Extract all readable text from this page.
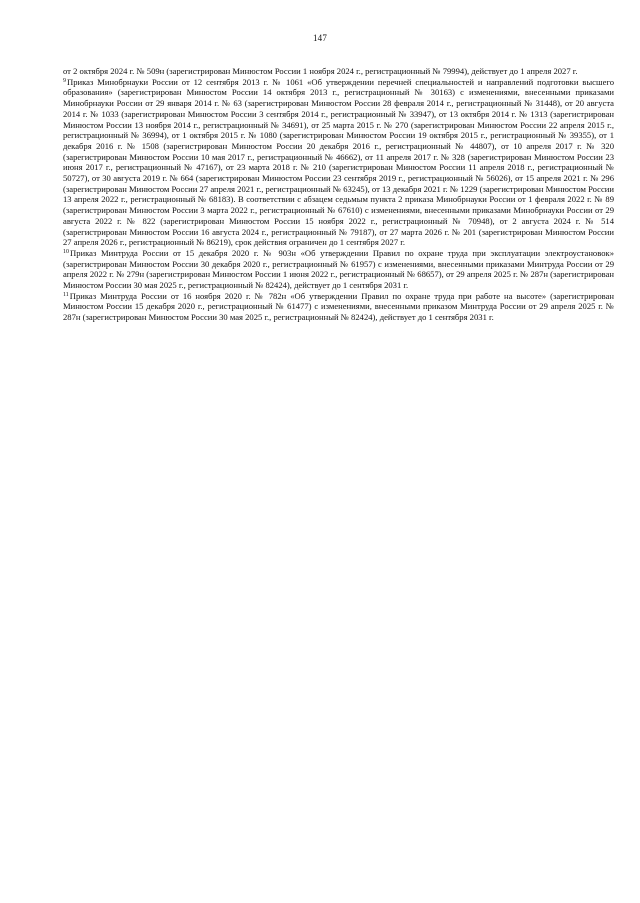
147

от 2 октября 2024 г. № 509н (зарегистрирован Минюстом России 1 ноября 2024 г., регистрационный № 79994), действует до 1 апреля 2027 г.

$^9$Приказ Минобрнауки России от 12 сентября 2013 г. № 1061 «Об утверждении перечней специальностей и направлений подготовки высшего образования» (зарегистрирован Минюстом России 14 октября 2013 г., регистрационный № 30163) с изменениями, внесенными приказами Минобрнауки России от 29 января 2014 г. № 63 (зарегистрирован Минюстом России 28 февраля 2014 г., регистрационный № 31448), от 20 августа 2014 г. № 1033 (зарегистрирован Минюстом России 3 сентября 2014 г., регистрационный № 33947), от 13 октября 2014 г. № 1313 (зарегистрирован Минюстом России 13 ноября 2014 г., регистрационный № 34691), от 25 марта 2015 г. № 270 (зарегистрирован Минюстом России 22 апреля 2015 г., регистрационный № 36994), от 1 октября 2015 г. № 1080 (зарегистрирован Минюстом России 19 октября 2015 г., регистрационный № 39355), от 1 декабря 2016 г. № 1508 (зарегистрирован Минюстом России 20 декабря 2016 г., регистрационный № 44807), от 10 апреля 2017 г. № 320 (зарегистрирован Минюстом России 10 мая 2017 г., регистрационный № 46662), от 11 апреля 2017 г. № 328 (зарегистрирован Минюстом России 23 июня 2017 г., регистрационный № 47167), от 23 марта 2018 г. № 210 (зарегистрирован Минюстом России 11 апреля 2018 г., регистрационный № 50727), от 30 августа 2019 г. № 664 (зарегистрирован Минюстом России 23 сентября 2019 г., регистрационный № 56026), от 15 апреля 2021 г. № 296 (зарегистрирован Минюстом России 27 апреля 2021 г., регистрационный № 63245), от 13 декабря 2021 г. № 1229 (зарегистрирован Минюстом России 13 апреля 2022 г., регистрационный № 68183). В соответствии с абзацем седьмым пункта 2 приказа Минобрнауки России от 1 февраля 2022 г. № 89 (зарегистрирован Минюстом России 3 марта 2022 г., регистрационный № 67610) с изменениями, внесенными приказами Минобрнауки России от 29 августа 2022 г. № 822 (зарегистрирован Минюстом России 15 ноября 2022 г., регистрационный № 70948), от 2 августа 2024 г. № 514 (зарегистрирован Минюстом России 16 августа 2024 г., регистрационный № 79187), от 27 марта 2026 г. № 201 (зарегистрирован Минюстом России 27 апреля 2026 г., регистрационный № 86219), срок действия ограничен до 1 сентября 2027 г.

$^{10}$Приказ Минтруда России от 15 декабря 2020 г. № 903н «Об утверждении Правил по охране труда при эксплуатации электроустановок» (зарегистрирован Минюстом России 30 декабря 2020 г., регистрационный № 61957) с изменениями, внесенными приказами Минтруда России от 29 апреля 2022 г. № 279н (зарегистрирован Минюстом России 1 июня 2022 г., регистрационный № 68657), от 29 апреля 2025 г. № 287н (зарегистрирован Минюстом России 30 мая 2025 г., регистрационный № 82424), действует до 1 сентября 2031 г.

$^{11}$Приказ Минтруда России от 16 ноября 2020 г. № 782н «Об утверждении Правил по охране труда при работе на высоте» (зарегистрирован Минюстом России 15 декабря 2020 г., регистрационный № 61477) с изменениями, внесенными приказом Минтруда России от 29 апреля 2025 г. № 287н (зарегистрирован Минюстом России 30 мая 2025 г., регистрационный № 82424), действует до 1 сентября 2031 г.
